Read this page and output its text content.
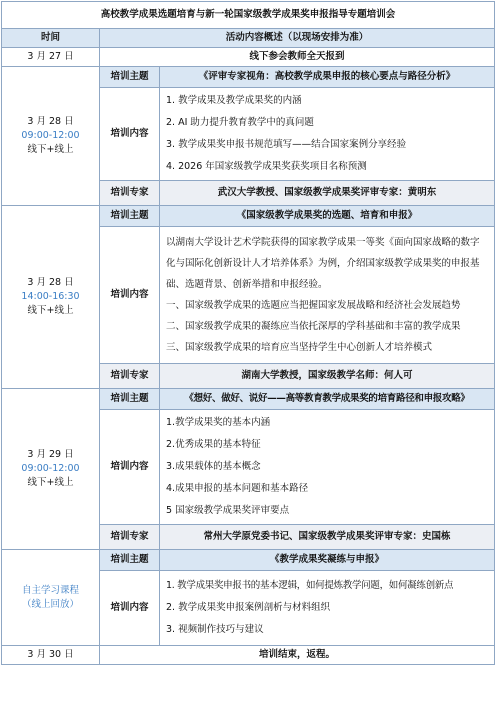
高校教学成果选题培育与新一轮国家级教学成果奖申报指导专题培训会		
时间	活动内容概述（以现场安排为准）	
3 月 27 日	线下参会教师全天报到	

3 月 28 日
09:00-12:00
线下+线上	培训主题	《评审专家视角：高校教学成果申报的核心要点与路径分析》
	培训内容	1. 教学成果及教学成果奖的内涵
2. AI 助力提升教育教学中的真问题
3. 教学成果奖申报书规范填写——结合国家案例分享经验
4. 2026 年国家级教学成果奖获奖项目名称预测

	培训专家	武汉大学教授、国家级教学成果奖评审专家：黄明东

3 月 28 日
14:00-16:30
线下+线上	培训主题	《国家级教学成果奖的选题、培育和申报》
	培训内容	以湖南大学设计艺术学院获得的国家教学成果一等奖《面向国家战略的数字化与国际化创新设计人才培养体系》为例，介绍国家级教学成果奖的申报基础、选题背景、创新举措和申报经验。
一、国家级教学成果的选题应当把握国家发展战略和经济社会发展趋势
二、国家级教学成果的凝练应当依托深厚的学科基础和丰富的教学成果
三、国家级教学成果的培育应当坚持学生中心创新人才培养模式

	培训专家	湖南大学教授，国家级教学名师：何人可

3 月 29 日
09:00-12:00
线下+线上	培训主题	《想好、做好、说好——高等教育教学成果奖的培育路径和申报攻略》
	培训内容	1.教学成果奖的基本内涵
2.优秀成果的基本特征
3.成果载体的基本概念
4.成果申报的基本问题和基本路径
5 国家级教学成果奖评审要点

	培训专家	常州大学原党委书记、国家级教学成果奖评审专家：史国栋

自主学习课程
（线上回放）	培训主题	《教学成果奖凝练与申报》
	培训内容	1. 教学成果奖申报书的基本逻辑，如何提炼教学问题，如何凝练创新点
2. 教学成果奖申报案例剖析与材料组织
3. 视频制作技巧与建议

3 月 30 日	培训结束，返程。	
